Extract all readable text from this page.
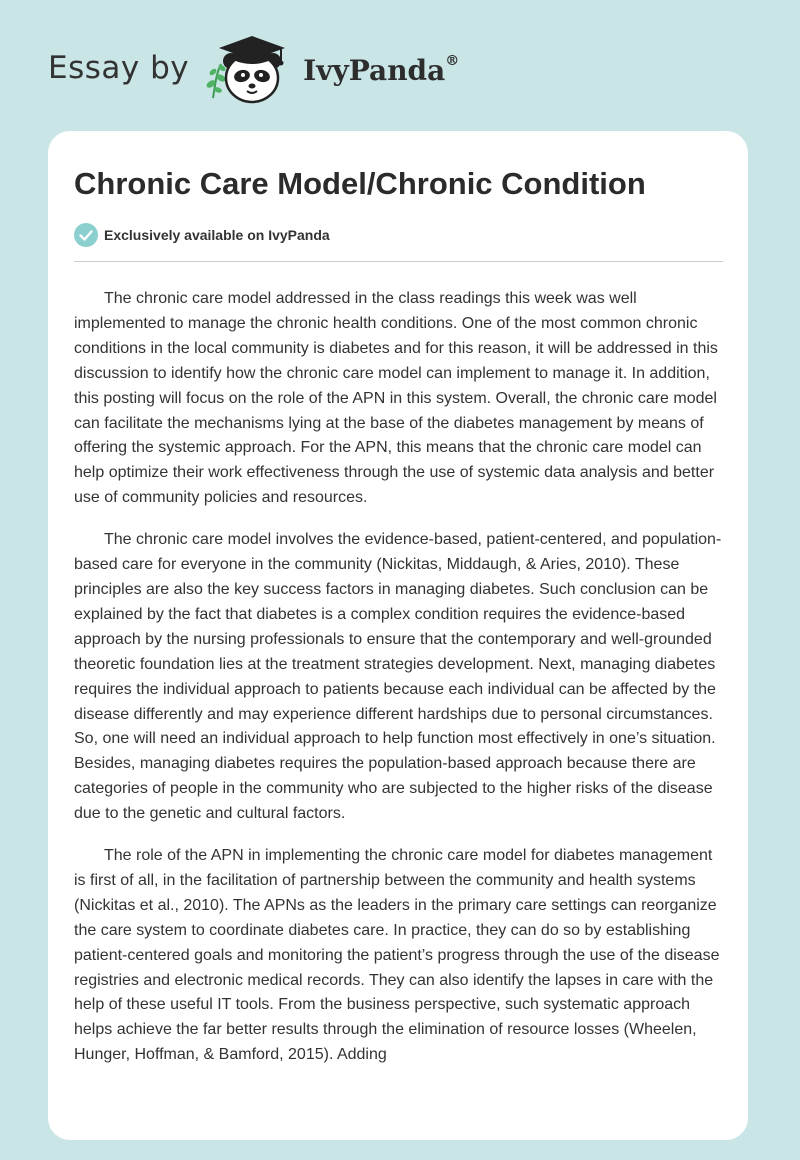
Essay by	IvyPanda®
Chronic Care Model/Chronic Condition
Exclusively available on IvyPanda

The chronic care model addressed in the class readings this week was well implemented to manage the chronic health conditions. One of the most common chronic conditions in the local community is diabetes and for this reason, it will be addressed in this discussion to identify how the chronic care model can implement to manage it. In addition, this posting will focus on the role of the APN in this system. Overall, the chronic care model can facilitate the mechanisms lying at the base of the diabetes management by means of offering the systemic approach. For the APN, this means that the chronic care model can help optimize their work effectiveness through the use of systemic data analysis and better use of community policies and resources.

The chronic care model involves the evidence-based, patient-centered, and population-based care for everyone in the community (Nickitas, Middaugh, & Aries, 2010). These principles are also the key success factors in managing diabetes. Such conclusion can be explained by the fact that diabetes is a complex condition requires the evidence-based approach by the nursing professionals to ensure that the contemporary and well-grounded theoretic foundation lies at the treatment strategies development. Next, managing diabetes requires the individual approach to patients because each individual can be affected by the disease differently and may experience different hardships due to personal circumstances. So, one will need an individual approach to help function most effectively in one’s situation. Besides, managing diabetes requires the population-based approach because there are categories of people in the community who are subjected to the higher risks of the disease due to the genetic and cultural factors.

The role of the APN in implementing the chronic care model for diabetes management is first of all, in the facilitation of partnership between the community and health systems (Nickitas et al., 2010). The APNs as the leaders in the primary care settings can reorganize the care system to coordinate diabetes care. In practice, they can do so by establishing patient-centered goals and monitoring the patient’s progress through the use of the disease registries and electronic medical records. They can also identify the lapses in care with the help of these useful IT tools. From the business perspective, such systematic approach helps achieve the far better results through the elimination of resource losses (Wheelen, Hunger, Hoffman, & Bamford, 2015). Adding
